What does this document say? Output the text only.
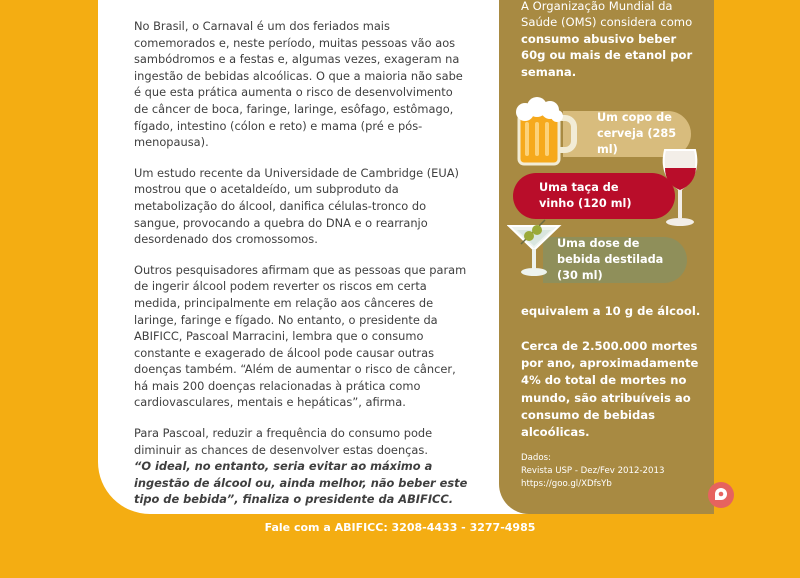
No Brasil, o Carnaval é um dos feriados mais comemorados e, neste período, muitas pessoas vão aos sambódromos e a festas e, algumas vezes, exageram na ingestão de bebidas alcoólicas. O que a maioria não sabe é que esta prática aumenta o risco de desenvolvimento de câncer de boca, faringe, laringe, esôfago, estômago, fígado, intestino (cólon e reto) e mama (pré e pós-menopausa).

Um estudo recente da Universidade de Cambridge (EUA) mostrou que o acetaldeído, um subproduto da metabolização do álcool, danifica células-tronco do sangue, provocando a quebra do DNA e o rearranjo desordenado dos cromossomos.

Outros pesquisadores afirmam que as pessoas que param de ingerir álcool podem reverter os riscos em certa medida, principalmente em relação aos cânceres de laringe, faringe e fígado. No entanto, o presidente da ABIFICC, Pascoal Marracini, lembra que o consumo constante e exagerado de álcool pode causar outras doenças também. “Além de aumentar o risco de câncer, há mais 200 doenças relacionadas à prática como cardiovasculares, mentais e hepáticas”, afirma.

Para Pascoal, reduzir a frequência do consumo pode diminuir as chances de desenvolver estas doenças.
“O ideal, no entanto, seria evitar ao máximo a ingestão de álcool ou, ainda melhor, não beber este tipo de bebida”, finaliza o presidente da ABIFICC.

A Organização Mundial da Saúde (OMS) considera como consumo abusivo beber 60g ou mais de etanol por semana.
Um copo de cerveja (285 ml)
Uma taça de vinho (120 ml)
Uma dose de bebida destilada (30 ml)
equivalem a 10 g de álcool.
Cerca de 2.500.000 mortes por ano, aproximadamente 4% do total de mortes no mundo, são atribuíveis ao consumo de bebidas alcoólicas.
Dados:
Revista USP - Dez/Fev 2012-2013
https://goo.gl/XDfsYb
Fale com a ABIFICC: 3208-4433 - 3277-4985
